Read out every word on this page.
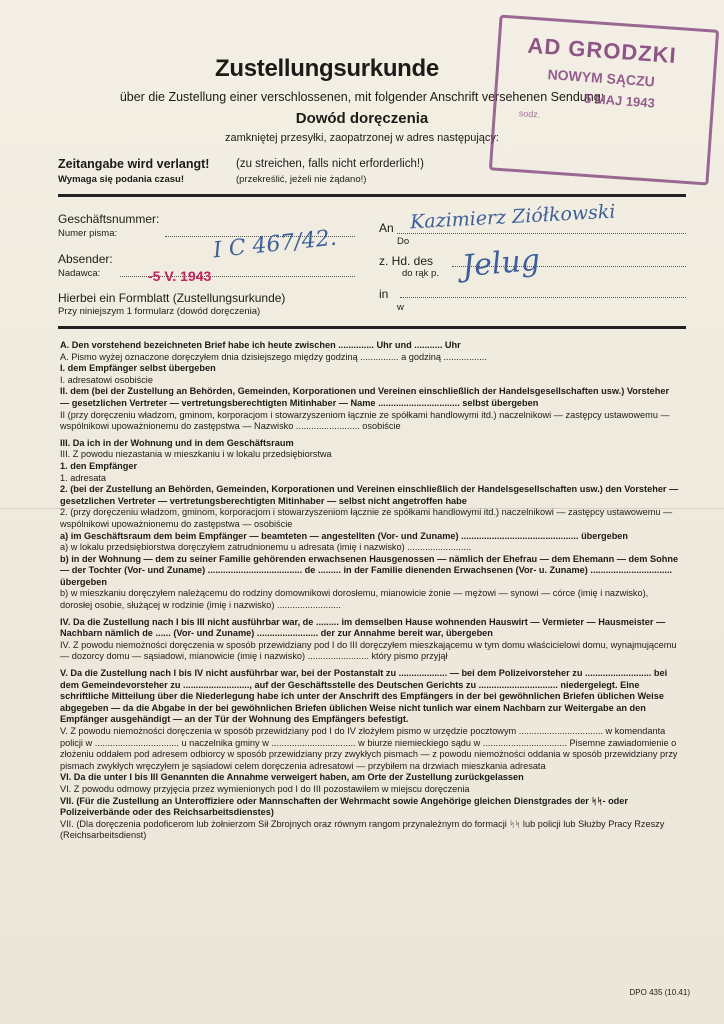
Zustellungsurkunde
über die Zustellung einer verschlossenen, mit folgender Anschrift versehenen Sendung:
Dowód doręczenia
zamkniętej przesyłki, zaopatrzonej w adres następujący:
Zeitangabe wird verlangt!
Wymaga się podania czasu!
(zu streichen, falls nicht erforderlich!)
(przekreślić, jeżeli nie żądano!)
AD GRODZKI
NOWYM SĄCZU
5 MAJ 1943
sodz.
Geschäftsnummer:
Numer pisma:
Absender:
Nadawca:
Hierbei ein Formblatt (Zustellungsurkunde)
Przy niniejszym 1 formularz (dowód doręczenia)
An
Do
z. Hd. des
do rąk p.
in
w
I C 467/42.
Kazimierz Ziółkowski
Jelug
-5 V. 1943

A. Den vorstehend bezeichneten Brief habe ich heute zwischen .............. Uhr und ........... Uhr

A. Pismo wyżej oznaczone doręczyłem dnia dzisiejszego między godziną ............... a godziną .................

I. dem Empfänger selbst übergeben

I. adresatowi osobiście

II. dem (bei der Zustellung an Behörden, Gemeinden, Korporationen und Vereinen einschließlich der Handelsgesellschaften usw.) Vorsteher — gesetzlichen Vertreter — vertretungsberechtigten Mitinhaber — Name ................................ selbst übergeben

II (przy doręczeniu władzom, gminom, korporacjom i stowarzyszeniom łącznie ze spółkami handlowymi itd.) naczelnikowi — zastępcy ustawowemu — wspólnikowi upoważnionemu do zastępstwa — Nazwisko ......................... osobiście

III. Da ich in der Wohnung und in dem Geschäftsraum

III. Z powodu niezastania w mieszkaniu i w lokalu przedsiębiorstwa

1. den Empfänger

1. adresata

2. (bei der Zustellung an Behörden, Gemeinden, Korporationen und Vereinen einschließlich der Handelsgesellschaften usw.) den Vorsteher — gesetzlichen Vertreter — vertretungsberechtigten Mitinhaber — selbst nicht angetroffen habe

2. (przy doręczeniu władzom, gminom, korporacjom i stowarzyszeniom łącznie ze spółkami handlowymi itd.) naczelnikowi — zastępcy ustawowemu — wspólnikowi upoważnionemu do zastępstwa — osobiście

a) im Geschäftsraum dem beim Empfänger — beamteten — angestellten (Vor- und Zuname) .............................................. übergeben

a) w lokalu przedsiębiorstwa doręczyłem zatrudnionemu u adresata (imię i nazwisko) .........................

b) in der Wohnung — dem zu seiner Familie gehörenden erwachsenen Hausgenossen — nämlich der Ehefrau — dem Ehemann — dem Sohne — der Tochter (Vor- und Zuname) ..................................... de ......... in der Familie dienenden Erwachsenen (Vor- u. Zuname) ................................ übergeben

b) w mieszkaniu doręczyłem należącemu do rodziny domownikowi dorosłemu, mianowicie żonie — mężowi — synowi — córce (imię i nazwisko), dorosłej osobie, służącej w rodzinie (imię i nazwisko) .........................

IV. Da die Zustellung nach I bis III nicht ausführbar war, de ......... im demselben Hause wohnenden Hauswirt — Vermieter — Hausmeister — Nachbarn nämlich de ...... (Vor- und Zuname) ........................ der zur Annahme bereit war, übergeben

IV. Z powodu niemożności doręczenia w sposób przewidziany pod I do III doręczyłem mieszkającemu w tym domu właścicielowi domu, wynajmującemu — dozorcy domu — sąsiadowi, mianowicie (imię i nazwisko) ........................ który pismo przyjął

V. Da die Zustellung nach I bis IV nicht ausführbar war, bei der Postanstalt zu ................... — bei dem Polizeivorsteher zu .......................... bei dem Gemeindevorsteher zu .........................., auf der Geschäftsstelle des Deutschen Gerichts zu ............................... niedergelegt. Eine schriftliche Mitteilung über die Niederlegung habe ich unter der Anschrift des Empfängers in der bei gewöhnlichen Briefen üblichen Weise abgegeben — da die Abgabe in der bei gewöhnlichen Briefen üblichen Weise nicht tunlich war einem Nachbarn zur Weitergabe an den Empfänger ausgehändigt — an der Tür der Wohnung des Empfängers befestigt.

V. Z powodu niemożności doręczenia w sposób przewidziany pod I do IV złożyłem pismo w urzędzie pocztowym ................................. w komendanta policji w ................................. u naczelnika gminy w ................................. w biurze niemieckiego sądu w ................................. Pisemne zawiadomienie o złożeniu oddałem pod adresem odbiorcy w sposób przewidziany przy zwykłych pismach — z powodu niemożności oddania w sposób przewidziany przy pismach zwykłych wręczyłem je sąsiadowi celem doręczenia adresatowi — przybiłem na drzwiach mieszkania adresata

VI. Da die unter I bis III Genannten die Annahme verweigert haben, am Orte der Zustellung zurückgelassen

VI. Z powodu odmowy przyjęcia przez wymienionych pod I do III pozostawiłem w miejscu doręczenia

VII. (Für die Zustellung an Unteroffiziere oder Mannschaften der Wehrmacht sowie Angehörige gleichen Dienstgrades der ᛋᛋ- oder Polizeiverbände oder des Reichsarbeitsdienstes)

VII. (Dla doręczenia podoficerom lub żołnierzom Sił Zbrojnych oraz równym rangom przynależnym do formacji ᛋᛋ lub policji lub Służby Pracy Rzeszy (Reichsarbeitsdienst)

DPO 435 (10.41)
